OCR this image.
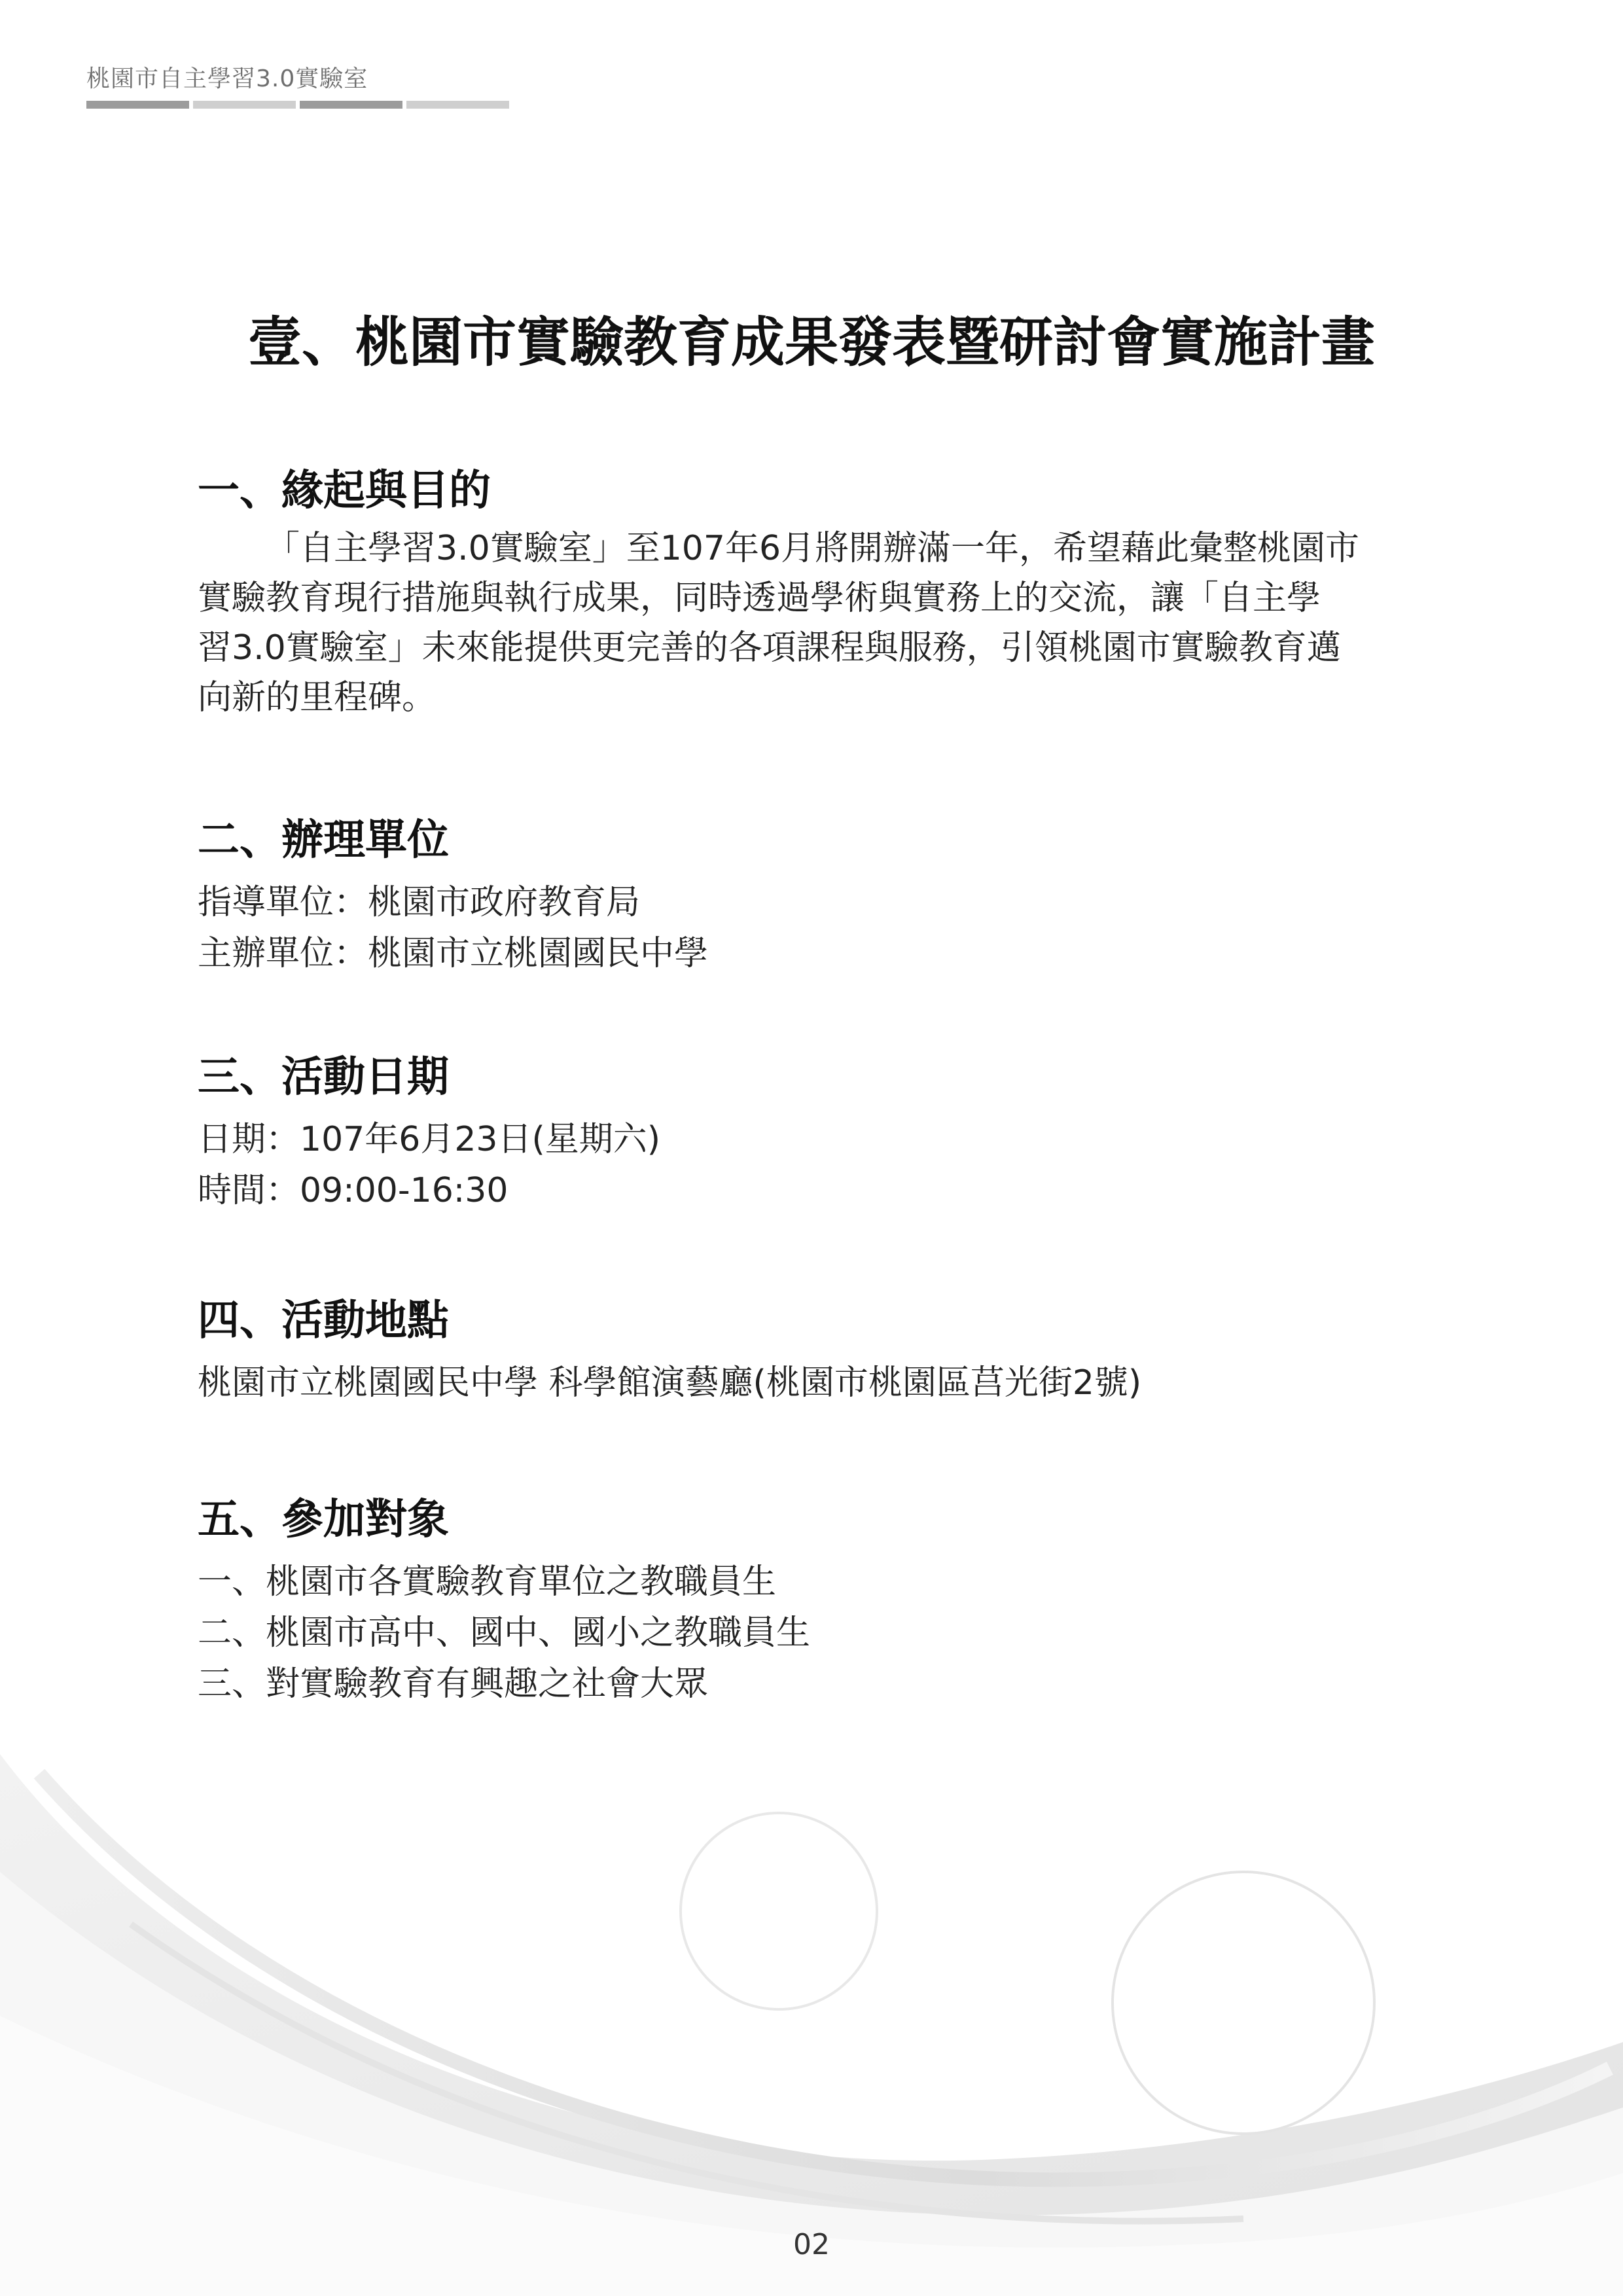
桃園市自主學習3.0實驗室
壹、桃園市實驗教育成果發表暨研討會實施計畫
一、緣起與目的
「自主學習3.0實驗室」至107年6月將開辦滿一年，希望藉此彙整桃園市
實驗教育現行措施與執行成果，同時透過學術與實務上的交流，讓「自主學
習3.0實驗室」未來能提供更完善的各項課程與服務，引領桃園市實驗教育邁
向新的里程碑。
二、辦理單位
指導單位：桃園市政府教育局
主辦單位：桃園市立桃園國民中學
三、活動日期
日期：107年6月23日(星期六)
時間：09:00-16:30
四、活動地點
桃園市立桃園國民中學 科學館演藝廳(桃園市桃園區莒光街2號)
五、參加對象
一、桃園市各實驗教育單位之教職員生
二、桃園市高中、國中、國小之教職員生
三、對實驗教育有興趣之社會大眾
02
